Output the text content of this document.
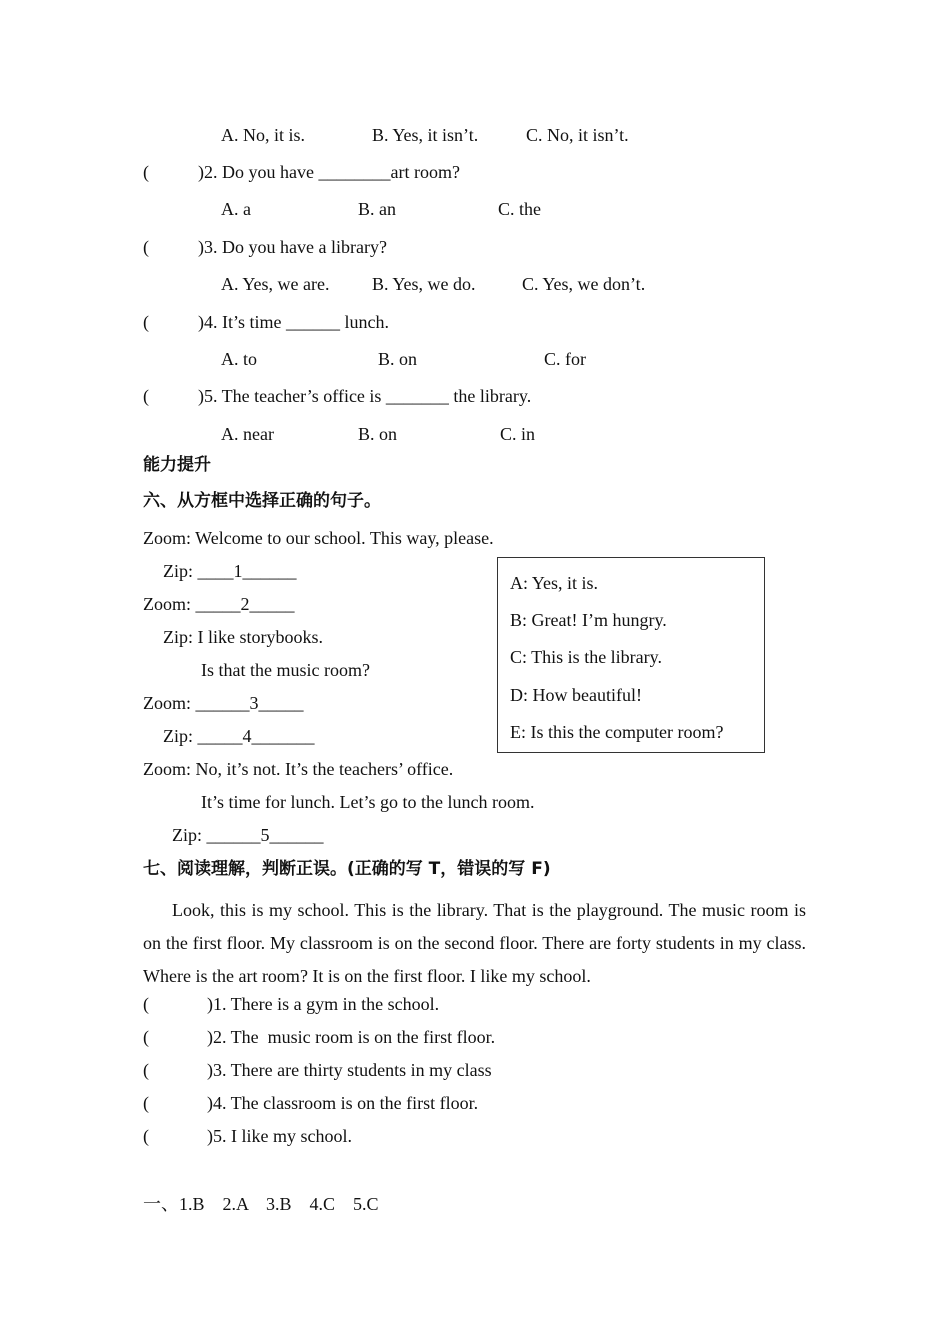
A. No, it is.	B. Yes, it isn’t.	C. No, it isn’t.
(	)2. Do you have ________art room?
A. a	B. an	C. the
(	)3. Do you have a library?
A. Yes, we are. B. Yes, we do.	C. Yes, we don’t.
(	)4. It’s time ______ lunch.
A. to	B. on	C. for
(	)5. The teacher’s office is _______ the library.
A. near	B. on	C. in
能力提升
六、从方框中选择正确的句子。
Zoom: Welcome to our school. This way, please.
Zip: ____1______
Zoom: _____2_____
Zip: I like storybooks.
Is that the music room?
Zoom: ______3_____
Zip: _____4_______
Zoom: No, it’s not. It’s the teachers’ office.
It’s time for lunch. Let’s go to the lunch room.
Zip: ______5______
A: Yes, it is.
B: Great! I’m hungry.
C: This is the library.
D: How beautiful!
E: Is this the computer room?
七、阅读理解，判断正误。(正确的写 T，错误的写 F)
Look, this is my school. This is the library. That is the playground. The music room is on the first floor. My classroom is on the second floor. There are forty students in my class. Where is the art room? It is on the first floor. I like my school.
(	)1. There is a gym in the school.
(	)2. The  music room is on the first floor.
(	)3. There are thirty students in my class
(	)4. The classroom is on the first floor.
(	)5. I like my school.
一、1.B    2.A    3.B    4.C    5.C
